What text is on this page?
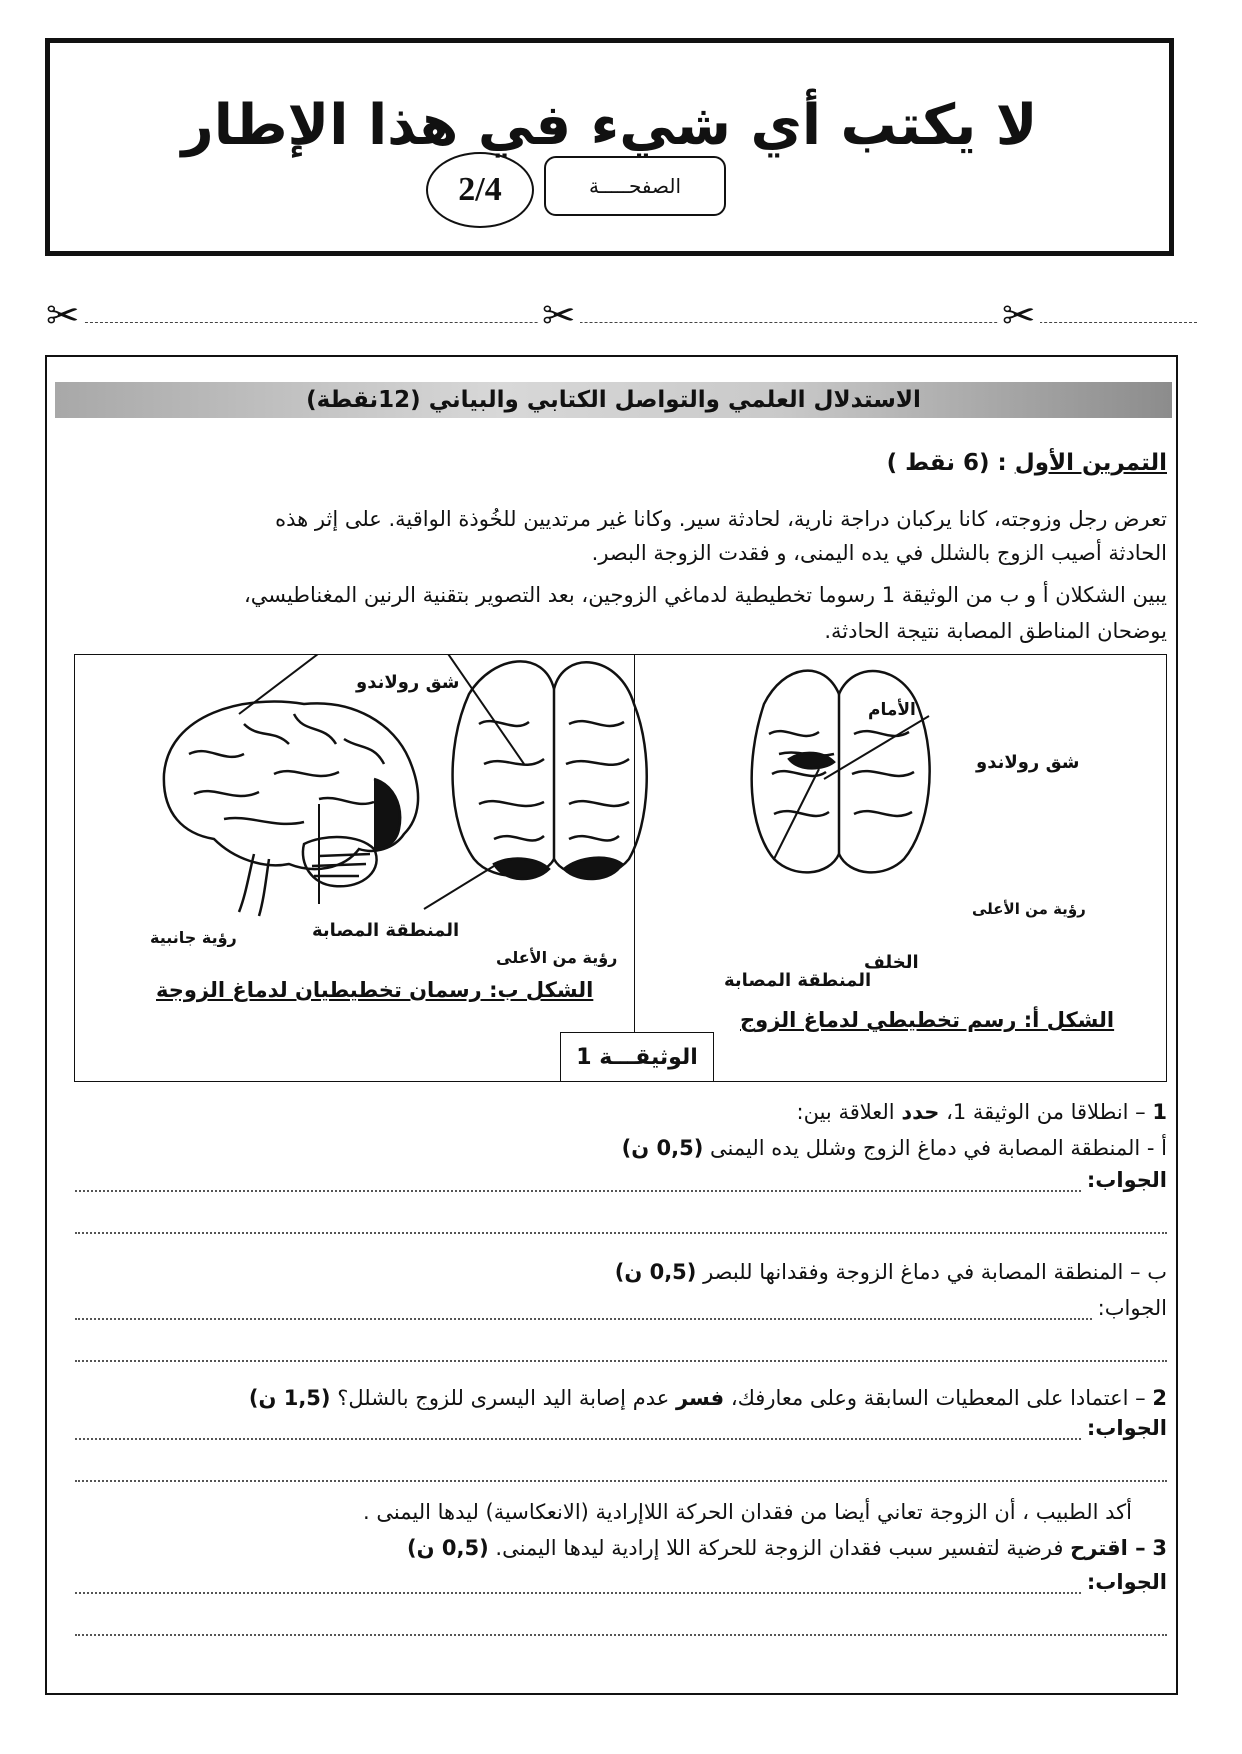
لا يكتب أي شيء في هذا الإطار
الصفحـــــة
2/4
✂	✂	✂
الاستدلال العلمي والتواصل الكتابي والبياني (12نقطة)
التمرين الأول : (6 نقط )
تعرض رجل وزوجته، كانا يركبان دراجة نارية، لحادثة سير. وكانا غير مرتديين للخُوذة الواقية. على إثر هذه
الحادثة أصيب الزوج بالشلل في يده اليمنى، و فقدت الزوجة البصر.
يبين الشكلان أ و ب من الوثيقة 1 رسوما تخطيطية لدماغي الزوجين، بعد التصوير بتقنية الرنين المغناطيسي،
يوضحان المناطق المصابة نتيجة الحادثة.
شق رولاندو
رؤية جانبية	المنطقة المصابة
رؤية من الأعلى
الشكل ب: رسمان تخطيطيان لدماغ الزوجة
الأمام
شق رولاندو
رؤية من الأعلى
الخلف
المنطقة المصابة
الشكل أ: رسم تخطيطي لدماغ الزوج
الوثيقـــة 1
1 – انطلاقا من الوثيقة 1، حدد العلاقة بين:
أ - المنطقة المصابة في دماغ الزوج وشلل يده اليمنى (0,5 ن)
الجواب:
ب – المنطقة المصابة في دماغ الزوجة وفقدانها للبصر (0,5 ن)
الجواب:
2 – اعتمادا على المعطيات السابقة وعلى معارفك، فسر عدم إصابة اليد اليسرى للزوج بالشلل؟ (1,5 ن)
الجواب:
أكد الطبيب ، أن الزوجة تعاني أيضا من فقدان الحركة اللاإرادية (الانعكاسية) ليدها اليمنى .
3 – اقترح فرضية لتفسير سبب فقدان الزوجة للحركة اللا إرادية ليدها اليمنى. (0,5 ن)
الجواب:
